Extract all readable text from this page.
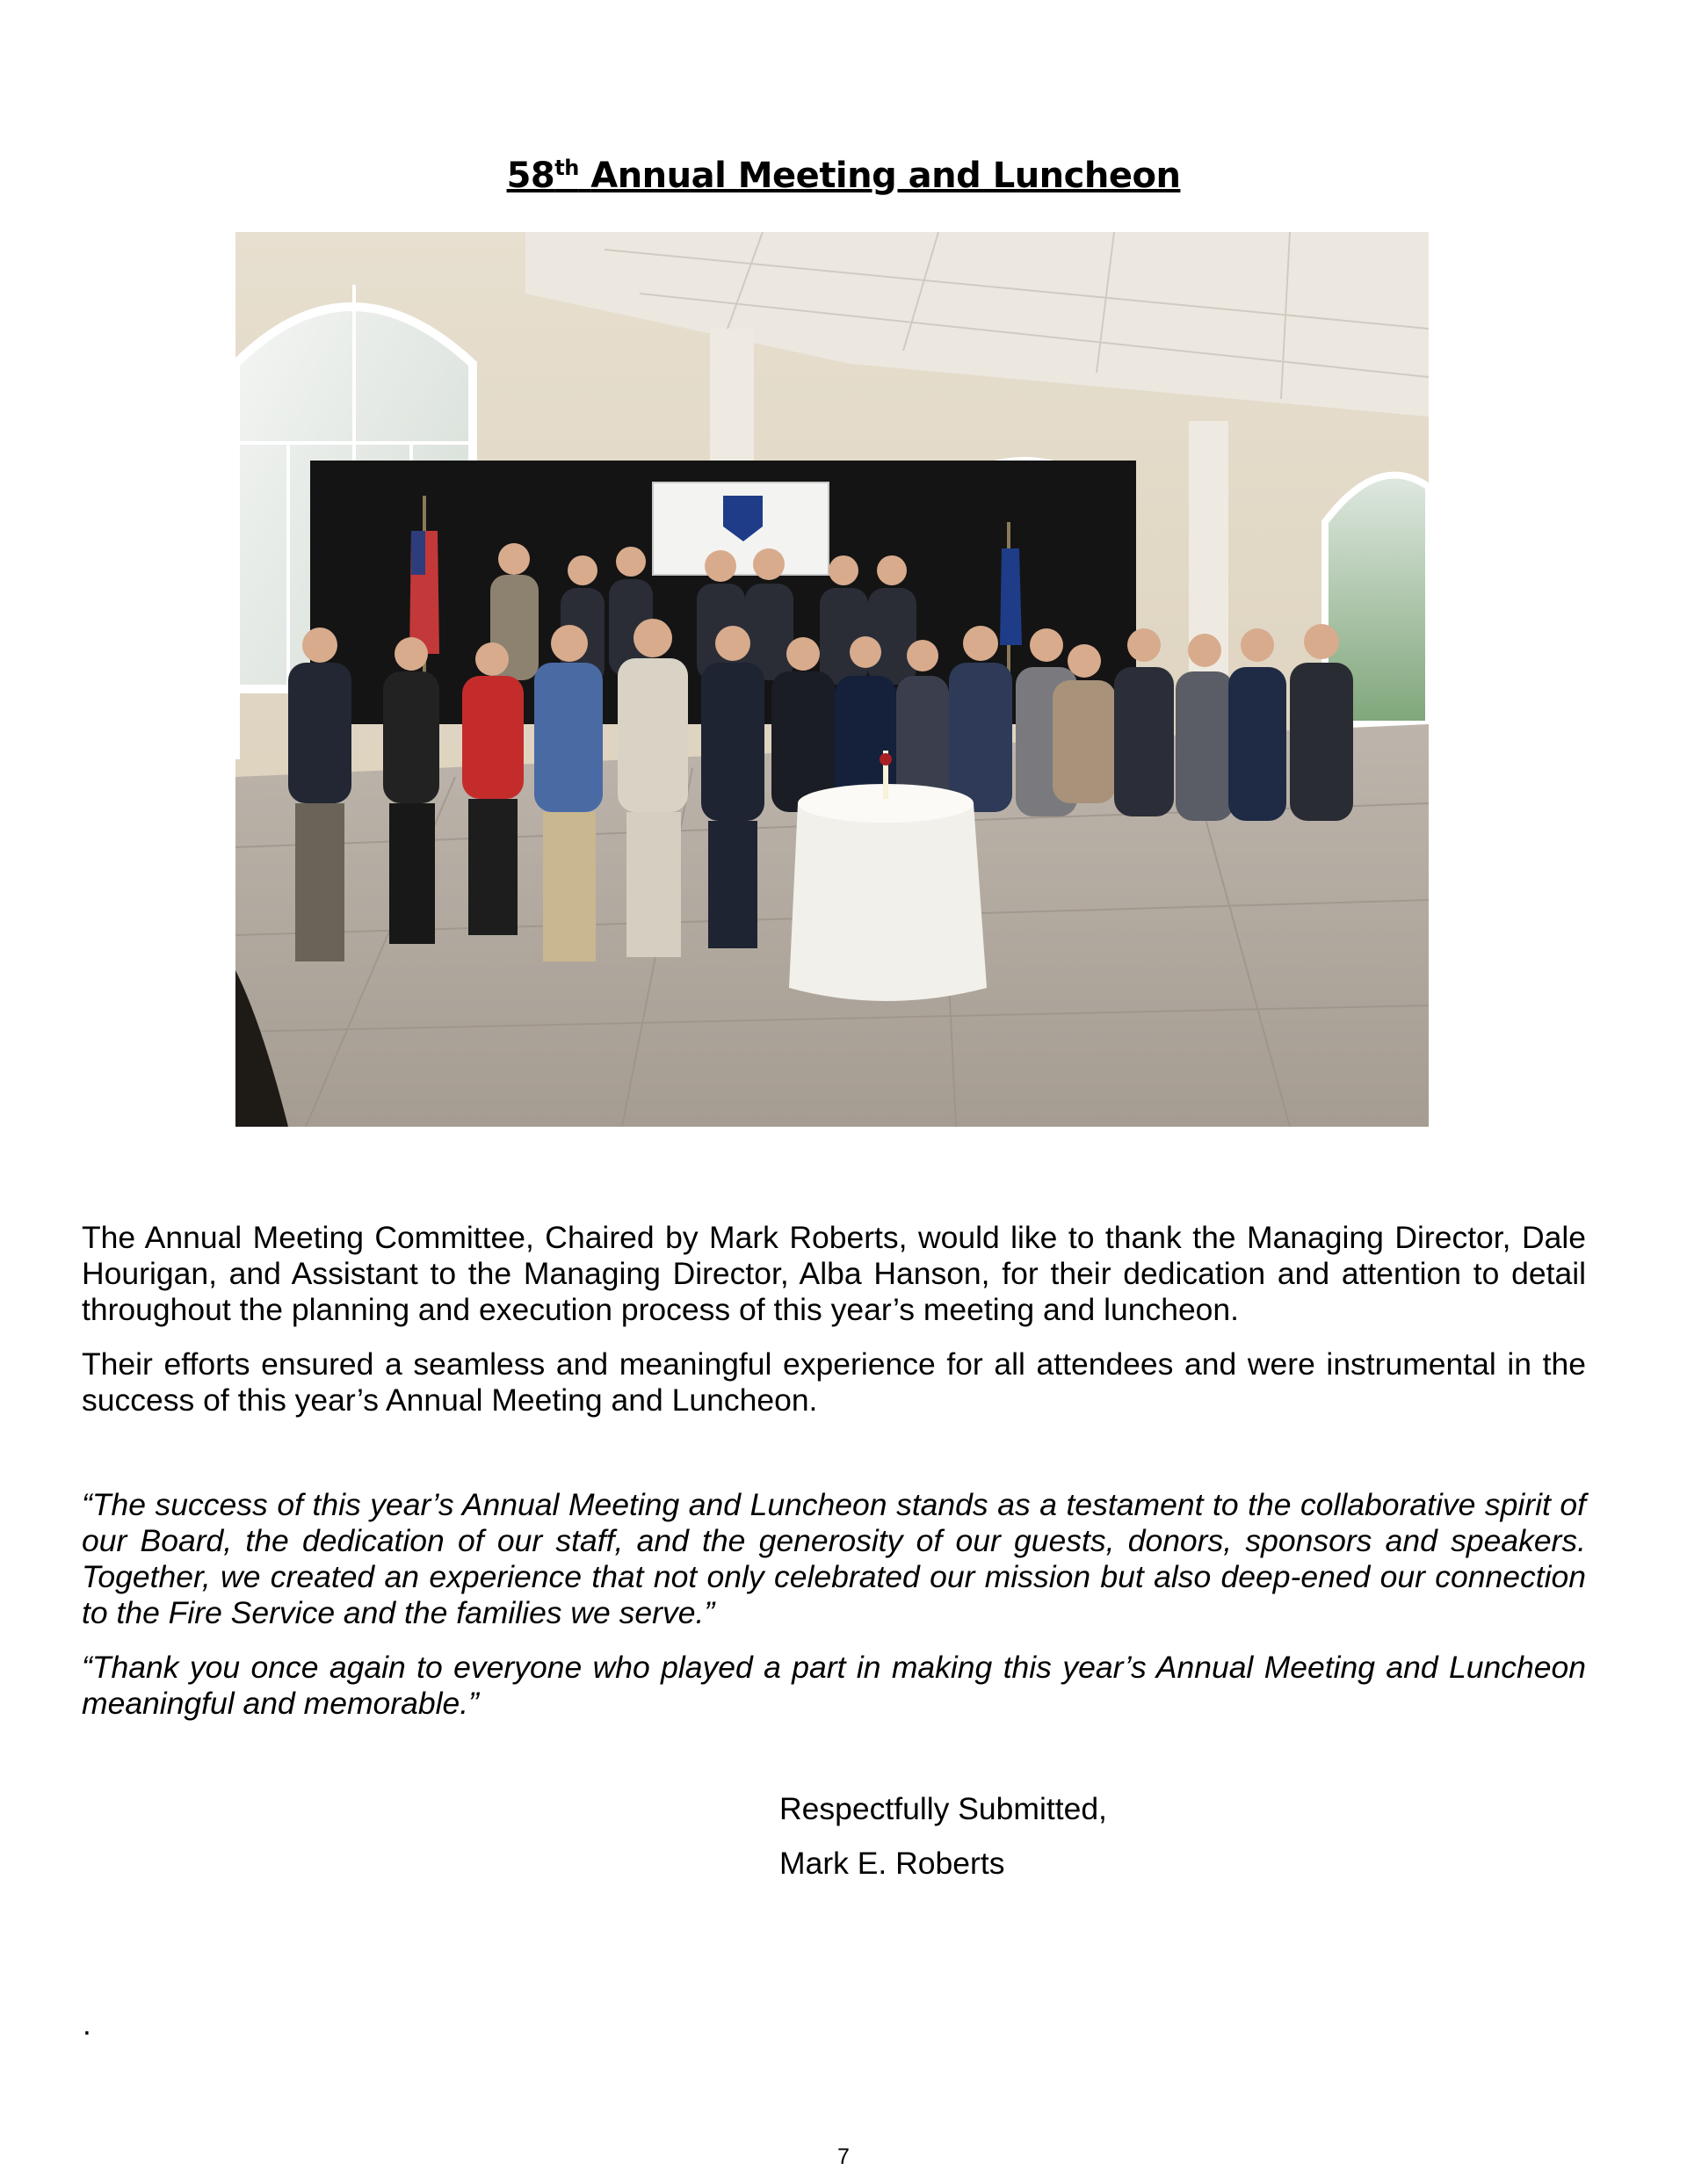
58th Annual Meeting and Luncheon

The Annual Meeting Committee, Chaired by Mark Roberts, would like to thank the Managing Director, Dale Hourigan, and Assistant to the Managing Director, Alba Hanson, for their dedication and attention to detail throughout the planning and execution process of this year’s meeting and luncheon.

Their efforts ensured a seamless and meaningful experience for all attendees and were instrumental in the success of this year’s Annual Meeting and Luncheon.

“The success of this year’s Annual Meeting and Luncheon stands as a testament to the collaborative spirit of our Board, the dedication of our staff, and the generosity of our guests, donors, sponsors and speakers. Together, we created an experience that not only celebrated our mission but also deep-ened our connection to the Fire Service and the families we serve.”

“Thank you once again to everyone who played a part in making this year’s Annual Meeting and Luncheon meaningful and memorable.”

Respectfully Submitted,
Mark E. Roberts
.
7
